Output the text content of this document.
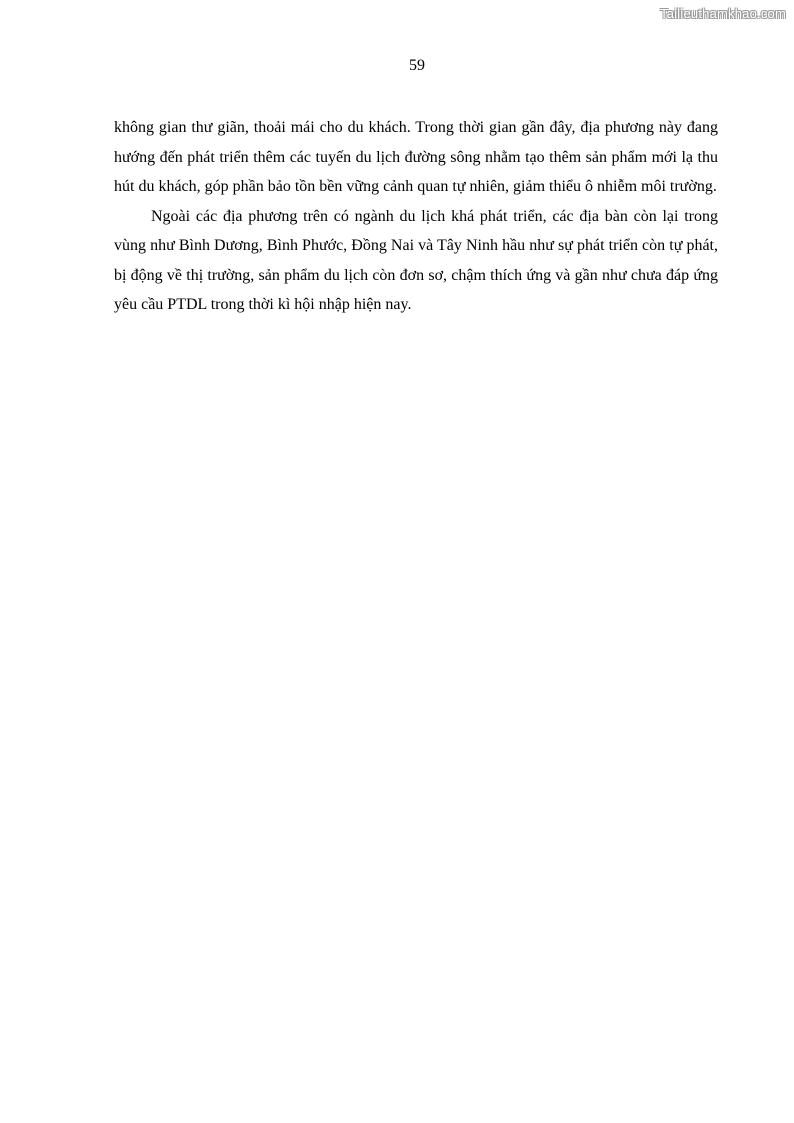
Tailieuthamkhao.com
59

không gian thư giãn, thoải mái cho du khách. Trong thời gian gần đây, địa phương này đang hướng đến phát triển thêm các tuyến du lịch đường sông nhằm tạo thêm sản phẩm mới lạ thu hút du khách, góp phần bảo tồn bền vững cảnh quan tự nhiên, giảm thiểu ô nhiễm môi trường.

Ngoài các địa phương trên có ngành du lịch khá phát triển, các địa bàn còn lại trong vùng như Bình Dương, Bình Phước, Đồng Nai và Tây Ninh hầu như sự phát triển còn tự phát, bị động về thị trường, sản phẩm du lịch còn đơn sơ, chậm thích ứng và gần như chưa đáp ứng yêu cầu PTDL trong thời kì hội nhập hiện nay.
